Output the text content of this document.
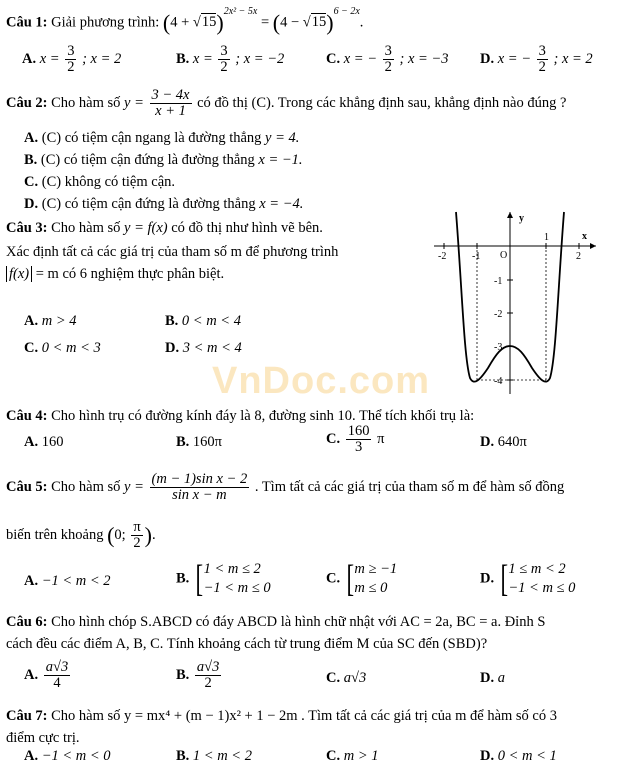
Câu 1: Giải phương trình: $(4 + √15)^{2x^2 - 5x} = (4 - √15)^{6 - 2x}$.
A. $x = \frac{3}{2}$ ; x = 2	B. $x = \frac{3}{2}$ ; x = −2	C. x = − $\frac{3}{2}$ ; x = −3 D. x = − $\frac{3}{2}$ ; x = 2
Câu 2: Cho hàm số $y = \frac{3 - 4x}{x + 1}$ có đồ thị (C). Trong các khẳng định sau, khẳng định nào đúng ?
A. (C) có tiệm cận ngang là đường thẳng y = 4.
B. (C) có tiệm cận đứng là đường thẳng x = −1.
C. (C) không có tiệm cận.
D. (C) có tiệm cận đứng là đường thẳng x = −4.
Câu 3: Cho hàm số y = f(x) có đồ thị như hình vẽ bên.
Xác định tất cả các giá trị của tham số m để phương trình
f(x) = m có 6 nghiệm thực phân biệt.
A. m > 4	B. 0 < m < 4
C. 0 < m < 3	D. 3 < m < 4
y
x
O
-2	-1
1
2
-1
-2
-3
-4
VnDoc.com
Câu 4: Cho hình trụ có đường kính đáy là 8, đường sinh 10. Thể tích khối trụ là:
A. 160	B. 160π	C. $\frac{160}{3}$ π	D. 640π
Câu 5: Cho hàm số $y = \frac{\text{(m − 1)sin x − 2}}{\text{sin x − m}}$ . Tìm tất cả các giá trị của tham số m để hàm số đồng
biến trên khoảng (0; $\frac{\pi}{2}$ ).
A. −1 < m < 2	B. [ 1 < m ≤ 2
−1 < m ≤ 0
C. [ m ≥ −1
m ≤ 0
D. [ 1 ≤ m < 2
−1 < m ≤ 0
Câu 6: Cho hình chóp S.ABCD có đáy ABCD là hình chữ nhật với AC = 2a, BC = a. Đỉnh S
cách đều các điểm A, B, C. Tính khoảng cách từ trung điểm M của SC đến (SBD)?
A. $\frac{a√3}{4}$	B. $\frac{a√3}{2}$	C. a√3	D. a
Câu 7: Cho hàm số y = mx⁴ + (m − 1)x² + 1 − 2m . Tìm tất cả các giá trị của m để hàm số có 3
điểm cực trị.
A. −1 < m < 0	B. 1 < m < 2	C. m > 1	D. 0 < m < 1
